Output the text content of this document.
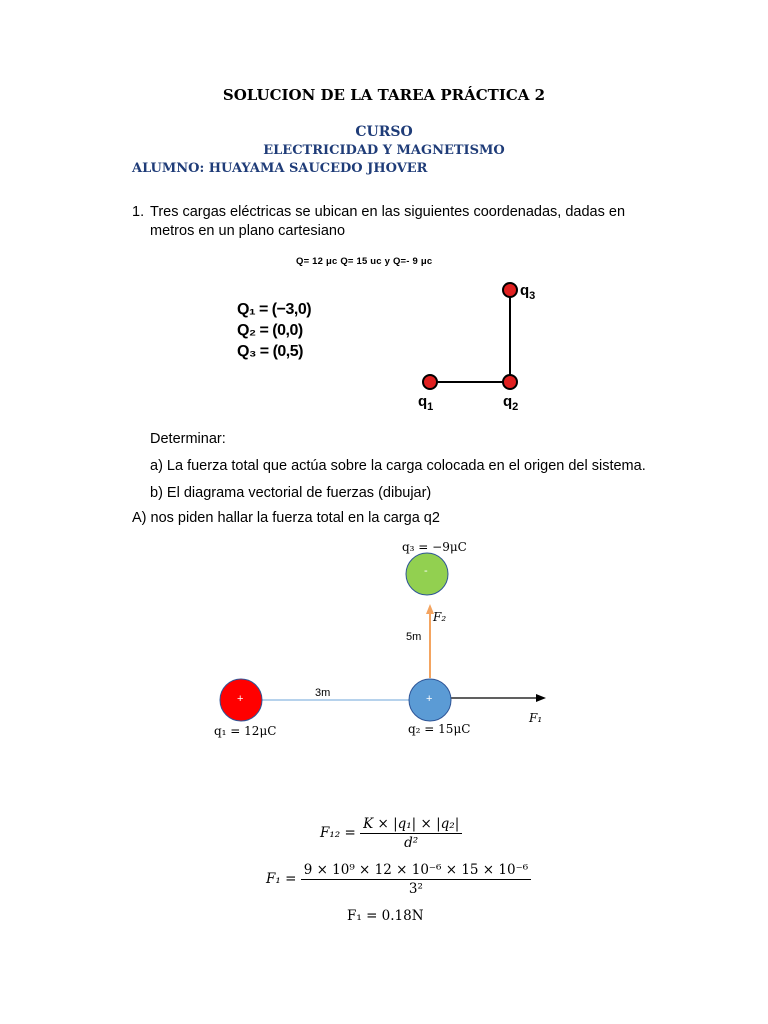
SOLUCION DE LA TAREA PRÁCTICA 2
CURSO
ELECTRICIDAD Y MAGNETISMO
ALUMNO: HUAYAMA SAUCEDO JHOVER
1. Tres cargas eléctricas se ubican en las siguientes coordenadas, dadas en
metros en un plano cartesiano
Q= 12 μc Q= 15 uc y Q=- 9 μc
Q₁ = (−3,0)
Q₂ = (0,0)
Q₃ = (0,5)
$q_1$	$q_2$
$q_3$
Determinar:
a) La fuerza total que actúa sobre la carga colocada en el origen del sistema.
b) El diagrama vectorial de fuerzas (dibujar)
A) nos piden hallar la fuerza total en la carga q2
+	+
-
3m
5m
F₂
F₁
q₃ = −9μC
q₁ = 12μC	q₂ = 15μC
$F_{12} = \frac{\text{K × |q₁| × |q₂|}}{\text{d²}}$
$F_1 = \frac{\text{9 × 10⁹ × 12 × 10⁻⁶ × 15 × 10⁻⁶}}{\text{3²}}$
F₁ = 0.18N
